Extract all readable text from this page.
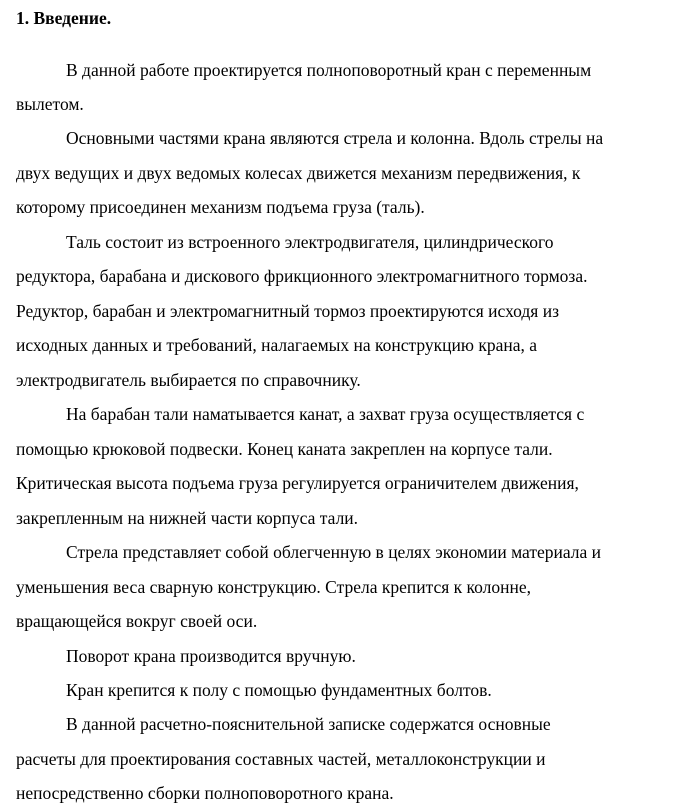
1. Введение.

В данной работе проектируется полноповоротный кран с переменным

вылетом.

Основными частями крана являются стрела и колонна. Вдоль стрелы на

двух ведущих и двух ведомых колесах движется механизм передвижения, к

которому присоединен механизм подъема груза (таль).

Таль состоит из встроенного электродвигателя, цилиндрического

редуктора, барабана и дискового фрикционного электромагнитного тормоза.

Редуктор, барабан и электромагнитный тормоз проектируются исходя из

исходных данных и требований, налагаемых на конструкцию крана, а

электродвигатель выбирается по справочнику.

На барабан тали наматывается канат, а захват груза осуществляется с

помощью крюковой подвески. Конец каната закреплен на корпусе тали.

Критическая высота подъема груза регулируется ограничителем движения,

закрепленным на нижней части корпуса тали.

Стрела представляет собой облегченную в целях экономии материала и

уменьшения веса сварную конструкцию. Стрела крепится к колонне,

вращающейся вокруг своей оси.

Поворот крана производится вручную.

Кран крепится к полу с помощью фундаментных болтов.

В данной расчетно-пояснительной записке содержатся основные

расчеты для проектирования составных частей, металлоконструкции и

непосредственно сборки полноповоротного крана.
